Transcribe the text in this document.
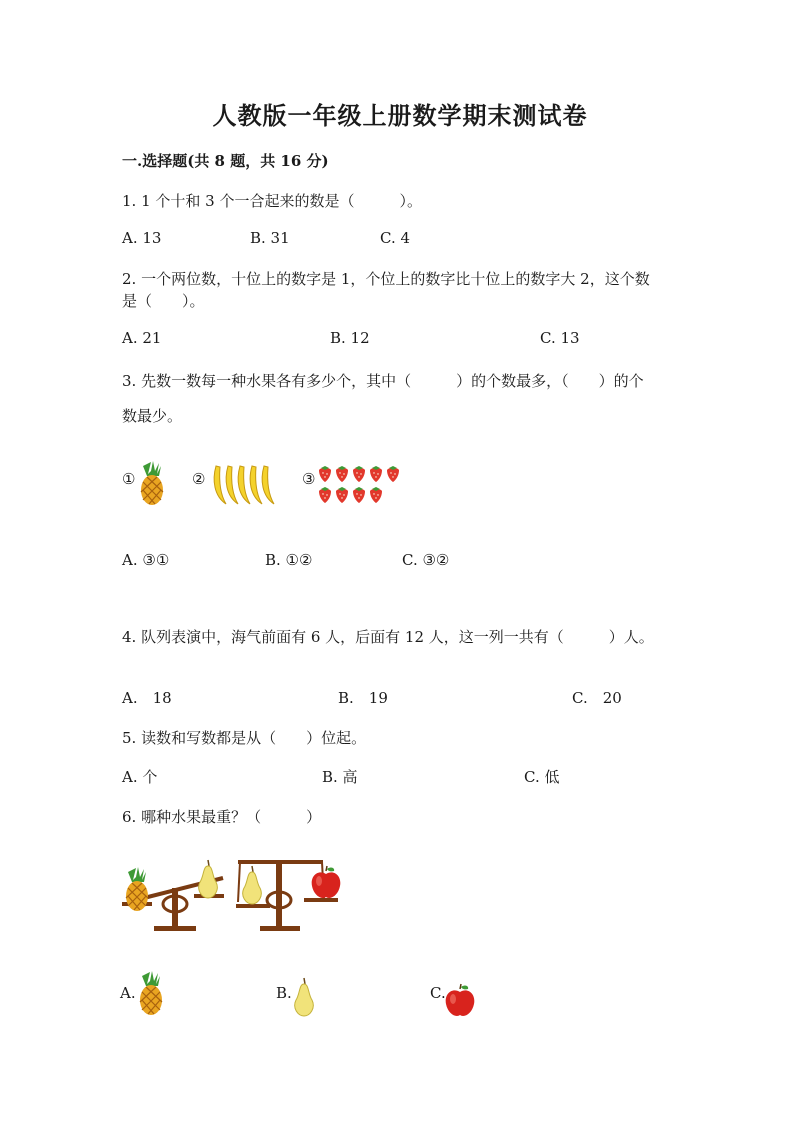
人教版一年级上册数学期末测试卷
一.选择题(共 8 题，共 16 分)
1. 1 个十和 3 个一合起来的数是（　　　）。
A. 13	B. 31	C. 4
2. 一个两位数，十位上的数字是 1，个位上的数字比十位上的数字大 2，这个数
是（　　）。
A. 21	B. 12	C. 13
3. 先数一数每一种水果各有多少个，其中（　　　）的个数最多，（　　）的个
数最少。
①	②	③
A. ③①	B. ①②	C. ③②
4. 队列表演中，海气前面有 6 人，后面有 12 人，这一列一共有（　　　）人。
A.　18	B.　19	C.　20
5. 读数和写数都是从（　　）位起。
A. 个	B. 高	C. 低
6. 哪种水果最重？（　　　）
A.	B.	C.
